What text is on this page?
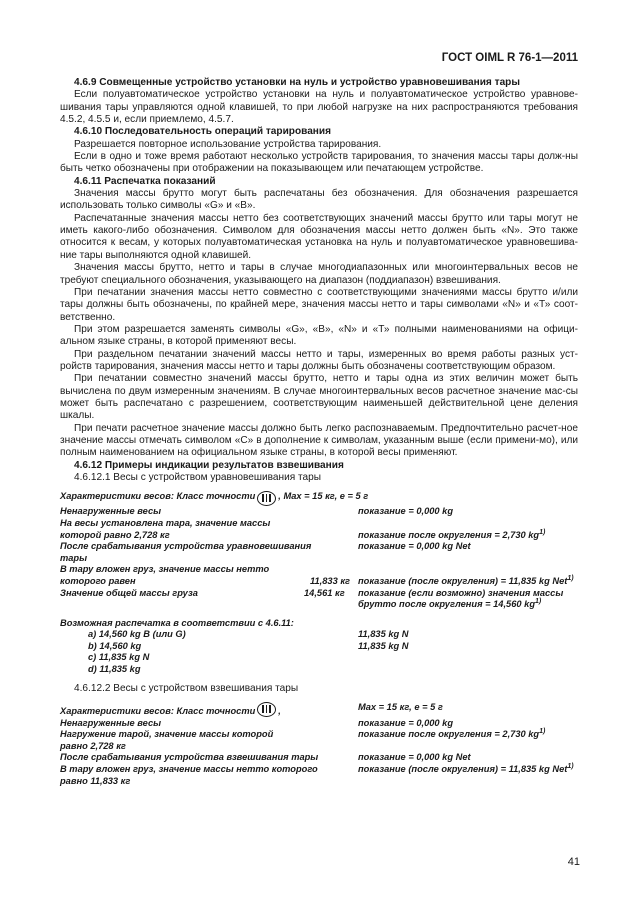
ГОСТ OIML R 76-1—2011

4.6.9 Совмещенные устройство установки на нуль и устройство уравновешивания тары

Если полуавтоматическое устройство установки на нуль и полуавтоматическое устройство уравнове-шивания тары управляются одной клавишей, то при любой нагрузке на них распространяются требования 4.5.2, 4.5.5 и, если приемлемо, 4.5.7.

4.6.10 Последовательность операций тарирования

Разрешается повторное использование устройства тарирования.

Если в одно и тоже время работают несколько устройств тарирования, то значения массы тары долж-ны быть четко обозначены при отображении на показывающем или печатающем устройстве.

4.6.11 Распечатка показаний

Значения массы брутто могут быть распечатаны без обозначения. Для обозначения разрешается использовать только символы «G» и «В».

Распечатанные значения массы нетто без соответствующих значений массы брутто или тары могут не иметь какого-либо обозначения. Символом для обозначения массы нетто должен быть «N». Это также относится к весам, у которых полуавтоматическая установка на нуль и полуавтоматическое уравновешива-ние тары выполняются одной клавишей.

Значения массы брутто, нетто и тары в случае многодиапазонных или многоинтервальных весов не требуют специального обозначения, указывающего на диапазон (поддиапазон) взвешивания.

При печатании значения массы нетто совместно с соответствующими значениями массы брутто и/или тары должны быть обозначены, по крайней мере, значения массы нетто и тары символами «N» и «Т» соот-ветственно.

При этом разрешается заменять символы «G», «В», «N» и «Т» полными наименованиями на офици-альном языке страны, в которой применяют весы.

При раздельном печатании значений массы нетто и тары, измеренных во время работы разных уст-ройств тарирования, значения массы нетто и тары должны быть обозначены соответствующим образом.

При печатании совместно значений массы брутто, нетто и тары одна из этих величин может быть вычислена по двум измеренным значениям. В случае многоинтервальных весов расчетное значение мас-сы может быть распечатано с разрешением, соответствующим наименьшей действительной цене деления шкалы.

При печати расчетное значение массы должно быть легко распознаваемым. Предпочтительно расчет-ное значение массы отмечать символом «С» в дополнение к символам, указанным выше (если примени-мо), или полным наименованием на официальном языке страны, в которой весы применяют.

4.6.12 Примеры индикации результатов взвешивания

4.6.12.1 Весы с устройством уравновешивания тары

Характеристики весов: Класс точности , Max = 15 кг, e = 5 г
Ненагруженные весы	показание = 0,000 kg
На весы установлена тара, значение массы
которой равно 2,728 кг	показание после округления = 2,730 $kg^{1)}$
После срабатывания устройства уравновешивания	показание = 0,000 kg Net
тары
В тару вложен груз, значение массы нетто
которого равен	11,833 кг показание (после округления) = 11,835 kg Net$^{1)}$
Значение общей массы груза	14,561 кг	показание (если возможно) значения массы
брутто после округления = 14,560 $kg^{1)}$
Возможная распечатка в соответствии с 4.6.11:
a) 14,560 kg B (или G)	11,835 kg N
b) 14,560 kg	11,835 kg N
c) 11,835 kg N
d) 11,835 kg

4.6.12.2 Весы с устройством взвешивания тары

Характеристики весов: Класс точности ,	Max = 15 кг, e = 5 г
Ненагруженные весы	показание = 0,000 kg
Нагружение тарой, значение массы которой	показание после округления = 2,730 $kg^{1)}$
равно 2,728 кг
После срабатывания устройства взвешивания тары	показание = 0,000 kg Net
В тару вложен груз, значение массы нетто которого	показание (после округления) = 11,835 kg Net$^{1)}$
равно 11,833 кг
41
